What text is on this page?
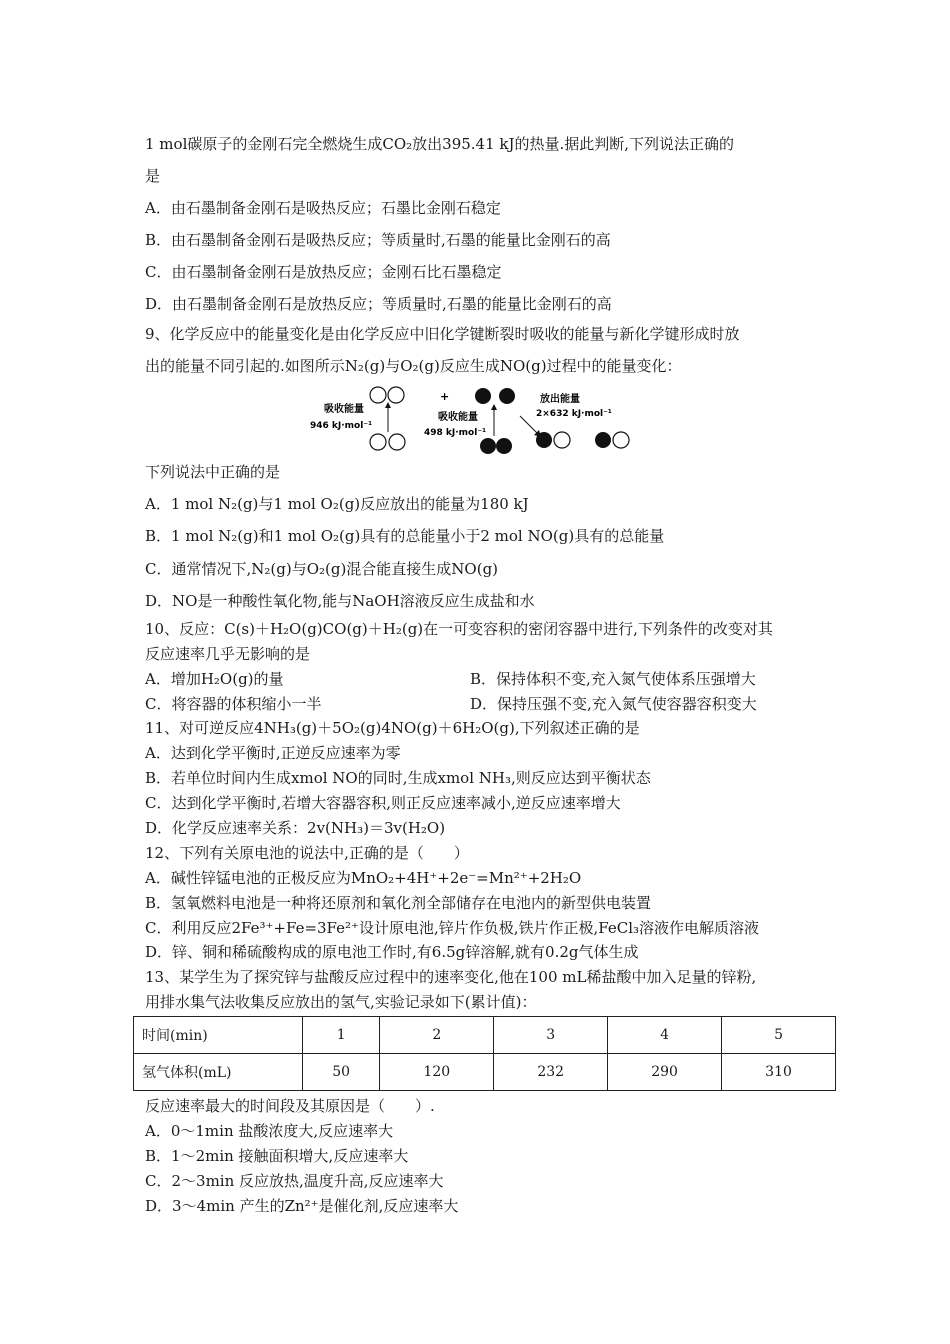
1 mol碳原子的金刚石完全燃烧生成CO₂放出395.41 kJ的热量.据此判断,下列说法正确的
是
A．由石墨制备金刚石是吸热反应；石墨比金刚石稳定
B．由石墨制备金刚石是吸热反应；等质量时,石墨的能量比金刚石的高
C．由石墨制备金刚石是放热反应；金刚石比石墨稳定
D．由石墨制备金刚石是放热反应；等质量时,石墨的能量比金刚石的高
9、化学反应中的能量变化是由化学反应中旧化学键断裂时吸收的能量与新化学键形成时放
出的能量不同引起的.如图所示N₂(g)与O₂(g)反应生成NO(g)过程中的能量变化：
吸收能量
946 kJ·mol⁻¹
+
吸收能量
498 kJ·mol⁻¹
放出能量
2×632 kJ·mol⁻¹
下列说法中正确的是
A．1 mol N₂(g)与1 mol O₂(g)反应放出的能量为180 kJ
B．1 mol N₂(g)和1 mol O₂(g)具有的总能量小于2 mol NO(g)具有的总能量
C．通常情况下,N₂(g)与O₂(g)混合能直接生成NO(g)
D．NO是一种酸性氧化物,能与NaOH溶液反应生成盐和水
10、反应：C(s)＋H₂O(g)CO(g)＋H₂(g)在一可变容积的密闭容器中进行,下列条件的改变对其
反应速率几乎无影响的是
A．增加H₂O(g)的量	B．保持体积不变,充入氮气使体系压强增大
C．将容器的体积缩小一半	D．保持压强不变,充入氮气使容器容积变大
11、对可逆反应4NH₃(g)＋5O₂(g)4NO(g)＋6H₂O(g),下列叙述正确的是
A．达到化学平衡时,正逆反应速率为零
B．若单位时间内生成xmol NO的同时,生成xmol NH₃,则反应达到平衡状态
C．达到化学平衡时,若增大容器容积,则正反应速率减小,逆反应速率增大
D．化学反应速率关系：2v(NH₃)＝3v(H₂O)
12、下列有关原电池的说法中,正确的是（　　）
A．碱性锌锰电池的正极反应为MnO₂+4H⁺+2e⁻=Mn²⁺+2H₂O
B．氢氧燃料电池是一种将还原剂和氧化剂全部储存在电池内的新型供电装置
C．利用反应2Fe³⁺+Fe=3Fe²⁺设计原电池,锌片作负极,铁片作正极,FeCl₃溶液作电解质溶液
D．锌、铜和稀硫酸构成的原电池工作时,有6.5g锌溶解,就有0.2g气体生成
13、某学生为了探究锌与盐酸反应过程中的速率变化,他在100 mL稀盐酸中加入足量的锌粉,
用排水集气法收集反应放出的氢气,实验记录如下(累计值)：
时间(min)	1	2	3	4	5
氢气体积(mL)	50	120	232	290	310
反应速率最大的时间段及其原因是（　　）.
A．0～1min 盐酸浓度大,反应速率大
B．1～2min 接触面积增大,反应速率大
C．2～3min 反应放热,温度升高,反应速率大
D．3～4min 产生的Zn²⁺是催化剂,反应速率大
